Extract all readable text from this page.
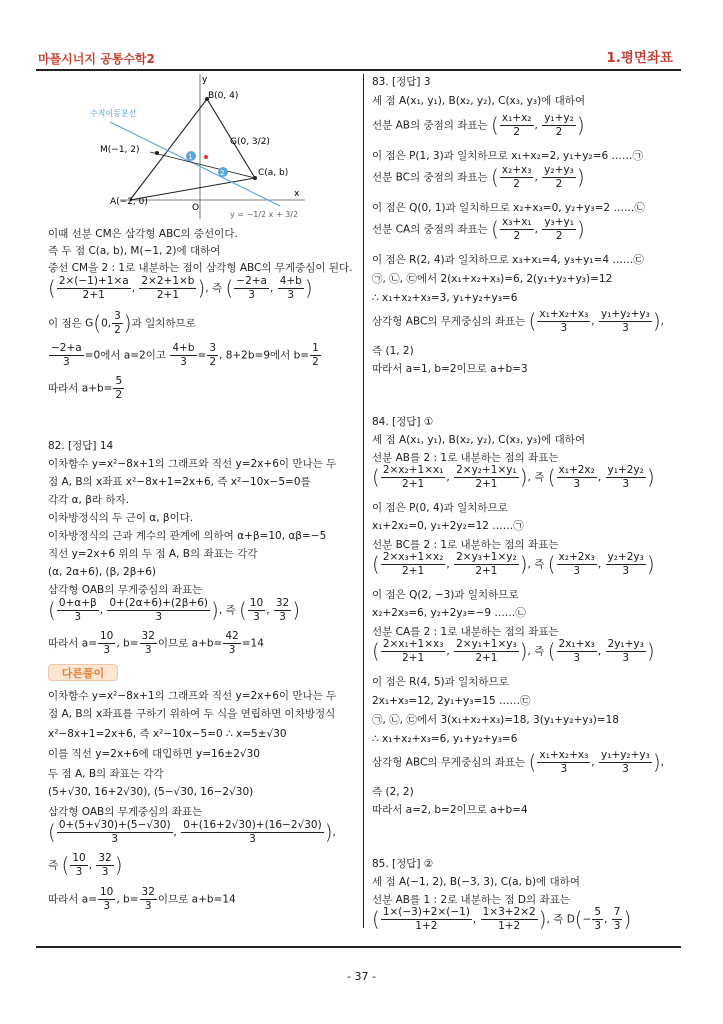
마플시너지 공통수학2	1.평면좌표
- 37 -
1
2
수직이등분선
B(0, 4)
M(−1, 2)
A(−2, 0)
O
C(a, b)
G(0, 3/2)
y
x
y = −1/2 x + 3/2
이때 선분 CM은 삼각형 ABC의 중선이다.
즉 두 점 C(a, b), M(−1, 2)에 대하여
중선 CM을 2 : 1로 내분하는 점이 삼각형 ABC의 무게중심이 된다.
( $\frac{2\times(-1)+1\times a}{2+1}$ , $\frac{2\times 2+1\times b}{2+1}$ ), 즉 ( $\frac{-2+a}{3}$ , $\frac{4+b}{3}$ )
이 점은 G(0, $\frac{3}{2}$ )과 일치하므로
$\frac{-2+a}{3} =0$에서 a=2이고 $\frac{4+b}{3} = \frac{3}{2}$ , 8+2b=9에서 $b= \frac{1}{2}$
따라서 $a+b= \frac{5}{2}$
82. [정답] 14
이차함수 y=x²−8x+1의 그래프와 직선 y=2x+6이 만나는 두
점 A, B의 x좌표 x²−8x+1=2x+6, 즉 x²−10x−5=0를
각각 α, β라 하자.
이차방정식의 두 근이 α, β이다.
이차방정식의 근과 계수의 관계에 의하여 α+β=10, αβ=−5
직선 y=2x+6 위의 두 점 A, B의 좌표는 각각
(α, 2α+6), (β, 2β+6)
삼각형 OAB의 무게중심의 좌표는
( $\frac{0+\alpha+\beta}{3}$ , $\frac{0+(2\alpha+6)+(2\beta+6)}{3}$ ), 즉 ( $\frac{10}{3}$ , $\frac{32}{3}$ )
따라서 $a= \frac{10}{3}$ , $b= \frac{32}{3}$ 이므로 $a+b= \frac{42}{3} =14$
이차함수 y=x²−8x+1의 그래프와 직선 y=2x+6이 만나는 두
점 A, B의 x좌표를 구하기 위하여 두 식을 연립하면 이차방정식
x²−8x+1=2x+6, 즉 x²−10x−5=0 ∴ x=5±√30
이를 직선 y=2x+6에 대입하면 y=16±2√30
두 점 A, B의 좌표는 각각
(5+√30, 16+2√30), (5−√30, 16−2√30)
삼각형 OAB의 무게중심의 좌표는
( $\frac{0+(5+√30)+(5-√30)}{3}$ , $\frac{0+(16+2√30)+(16-2√30)}{3}$ ),
즉 ( $\frac{10}{3}$ , $\frac{32}{3}$ )
따라서 $a= \frac{10}{3}$ , $b= \frac{32}{3}$ 이므로 a+b=14
다른풀이
83. [정답] 3
세 점 A(x₁, y₁), B(x₂, y₂), C(x₃, y₃)에 대하여
선분 AB의 중점의 좌표는 ( $\frac{\text{x₁+x₂}}{2}$ , $\frac{\text{y₁+y₂}}{2}$ )
이 점은 P(1, 3)과 일치하므로 x₁+x₂=2, y₁+y₂=6 ……㉠
선분 BC의 중점의 좌표는 ( $\frac{\text{x₂+x₃}}{2}$ , $\frac{\text{y₂+y₃}}{2}$ )
이 점은 Q(0, 1)과 일치하므로 x₂+x₃=0, y₂+y₃=2 ……㉡
선분 CA의 중점의 좌표는 ( $\frac{\text{x₃+x₁}}{2}$ , $\frac{\text{y₃+y₁}}{2}$ )
이 점은 R(2, 4)과 일치하므로 x₃+x₁=4, y₃+y₁=4 ……㉢
㉠, ㉡, ㉢에서 2(x₁+x₂+x₃)=6, 2(y₁+y₂+y₃)=12
∴ x₁+x₂+x₃=3, y₁+y₂+y₃=6
삼각형 ABC의 무게중심의 좌표는 ( $\frac{\text{x₁+x₂+x₃}}{3}$ , $\frac{\text{y₁+y₂+y₃}}{3}$ ),
즉 (1, 2)
따라서 a=1, b=2이므로 a+b=3
84. [정답] ①
세 점 A(x₁, y₁), B(x₂, y₂), C(x₃, y₃)에 대하여
선분 AB를 2 : 1로 내분하는 점의 좌표는
( $\frac{\text{2×x₂+1×x₁}}{2+1}$ , $\frac{\text{2×y₂+1×y₁}}{2+1}$ ), 즉 ( $\frac{\text{x₁+2x₂}}{3}$ , $\frac{\text{y₁+2y₂}}{3}$ )
이 점은 P(0, 4)과 일치하므로
x₁+2x₂=0, y₁+2y₂=12 ……㉠
선분 BC를 2 : 1로 내분하는 점의 좌표는
( $\frac{\text{2×x₃+1×x₂}}{2+1}$ , $\frac{\text{2×y₃+1×y₂}}{2+1}$ ), 즉 ( $\frac{\text{x₂+2x₃}}{3}$ , $\frac{\text{y₂+2y₃}}{3}$ )
이 점은 Q(2, −3)과 일치하므로
x₂+2x₃=6, y₂+2y₃=−9 ……㉡
선분 CA를 2 : 1로 내분하는 점의 좌표는
( $\frac{\text{2×x₁+1×x₃}}{2+1}$ , $\frac{\text{2×y₁+1×y₃}}{2+1}$ ), 즉 ( $\frac{\text{2x₁+x₃}}{3}$ , $\frac{\text{2y₁+y₃}}{3}$ )
이 점은 R(4, 5)과 일치하므로
2x₁+x₃=12, 2y₁+y₃=15 ……㉢
㉠, ㉡, ㉢에서 3(x₁+x₂+x₃)=18, 3(y₁+y₂+y₃)=18
∴ x₁+x₂+x₃=6, y₁+y₂+y₃=6
삼각형 ABC의 무게중심의 좌표는 ( $\frac{\text{x₁+x₂+x₃}}{3}$ , $\frac{\text{y₁+y₂+y₃}}{3}$ ),
즉 (2, 2)
따라서 a=2, b=2이므로 a+b=4
85. [정답] ②
세 점 A(−1, 2), B(−3, 3), C(a, b)에 대하여
선분 AB를 1 : 2로 내분하는 점 D의 좌표는
( $\frac{1\times(-3)+2\times(-1)}{1+2}$ , $\frac{1\times 3+2\times 2}{1+2}$ ), 즉 $D(- \frac{5}{3}$ , $\frac{7}{3}$ )
